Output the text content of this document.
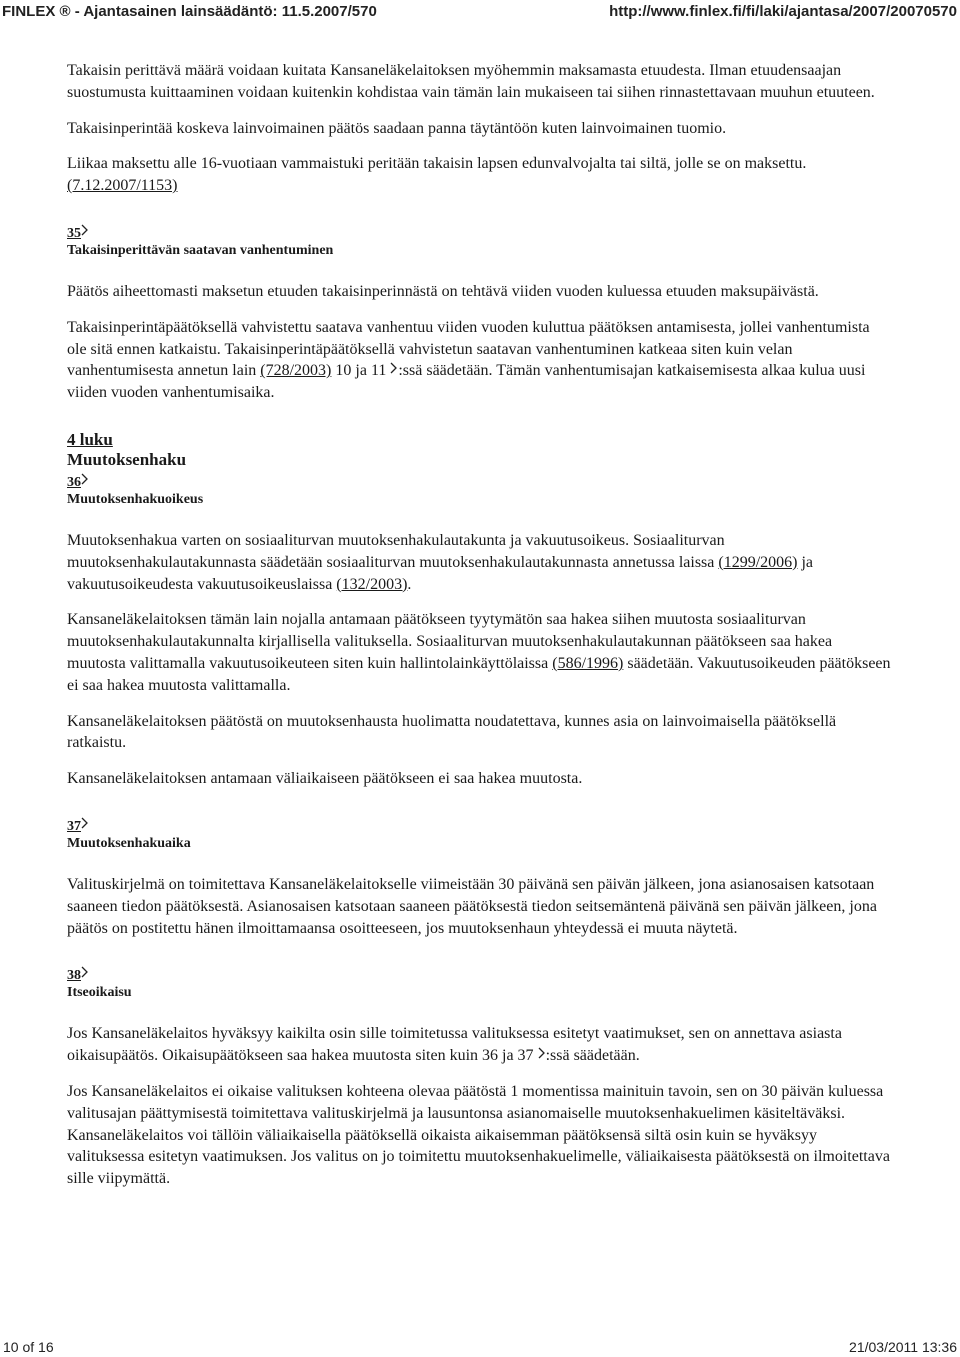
FINLEX ® - Ajantasainen lainsäädäntö: 11.5.2007/570	http://www.finlex.fi/fi/laki/ajantasa/2007/20070570

Takaisin perittävä määrä voidaan kuitata Kansaneläkelaitoksen myöhemmin maksamasta etuudesta. Ilman etuudensaajan suostumusta kuittaaminen voidaan kuitenkin kohdistaa vain tämän lain mukaiseen tai siihen rinnastettavaan muuhun etuuteen.

Takaisinperintää koskeva lainvoimainen päätös saadaan panna täytäntöön kuten lainvoimainen tuomio.

Liikaa maksettu alle 16-vuotiaan vammaistuki peritään takaisin lapsen edunvalvojalta tai siltä, jolle se on maksettu. (7.12.2007/1153)

35
Takaisinperittävän saatavan vanhentuminen

Päätös aiheettomasti maksetun etuuden takaisinperinnästä on tehtävä viiden vuoden kuluessa etuuden maksupäivästä.

Takaisinperintäpäätöksellä vahvistettu saatava vanhentuu viiden vuoden kuluttua päätöksen antamisesta, jollei vanhentumista ole sitä ennen katkaistu. Takaisinperintäpäätöksellä vahvistetun saatavan vanhentuminen katkeaa siten kuin velan vanhentumisesta annetun lain (728/2003) 10 ja 11 :ssä säädetään. Tämän vanhentumisajan katkaisemisesta alkaa kulua uusi viiden vuoden vanhentumisaika.

4 luku
Muutoksenhaku
36
Muutoksenhakuoikeus

Muutoksenhakua varten on sosiaaliturvan muutoksenhakulautakunta ja vakuutusoikeus. Sosiaaliturvan muutoksenhakulautakunnasta säädetään sosiaaliturvan muutoksenhakulautakunnasta annetussa laissa (1299/2006) ja vakuutusoikeudesta vakuutusoikeuslaissa (132/2003).

Kansaneläkelaitoksen tämän lain nojalla antamaan päätökseen tyytymätön saa hakea siihen muutosta sosiaaliturvan muutoksenhakulautakunnalta kirjallisella valituksella. Sosiaaliturvan muutoksenhakulautakunnan päätökseen saa hakea muutosta valittamalla vakuutusoikeuteen siten kuin hallintolainkäyttölaissa (586/1996) säädetään. Vakuutusoikeuden päätökseen ei saa hakea muutosta valittamalla.

Kansaneläkelaitoksen päätöstä on muutoksenhausta huolimatta noudatettava, kunnes asia on lainvoimaisella päätöksellä ratkaistu.

Kansaneläkelaitoksen antamaan väliaikaiseen päätökseen ei saa hakea muutosta.

37
Muutoksenhakuaika

Valituskirjelmä on toimitettava Kansaneläkelaitokselle viimeistään 30 päivänä sen päivän jälkeen, jona asianosaisen katsotaan saaneen tiedon päätöksestä. Asianosaisen katsotaan saaneen päätöksestä tiedon seitsemäntenä päivänä sen päivän jälkeen, jona päätös on postitettu hänen ilmoittamaansa osoitteeseen, jos muutoksenhaun yhteydessä ei muuta näytetä.

38
Itseoikaisu

Jos Kansaneläkelaitos hyväksyy kaikilta osin sille toimitetussa valituksessa esitetyt vaatimukset, sen on annettava asiasta oikaisupäätös. Oikaisupäätökseen saa hakea muutosta siten kuin 36 ja 37 :ssä säädetään.

Jos Kansaneläkelaitos ei oikaise valituksen kohteena olevaa päätöstä 1 momentissa mainituin tavoin, sen on 30 päivän kuluessa valitusajan päättymisestä toimitettava valituskirjelmä ja lausuntonsa asianomaiselle muutoksenhakuelimen käsiteltäväksi. Kansaneläkelaitos voi tällöin väliaikaisella päätöksellä oikaista aikaisemman päätöksensä siltä osin kuin se hyväksyy valituksessa esitetyn vaatimuksen. Jos valitus on jo toimitettu muutoksenhakuelimelle, väliaikaisesta päätöksestä on ilmoitettava sille viipymättä.

10 of 16	21/03/2011 13:36
